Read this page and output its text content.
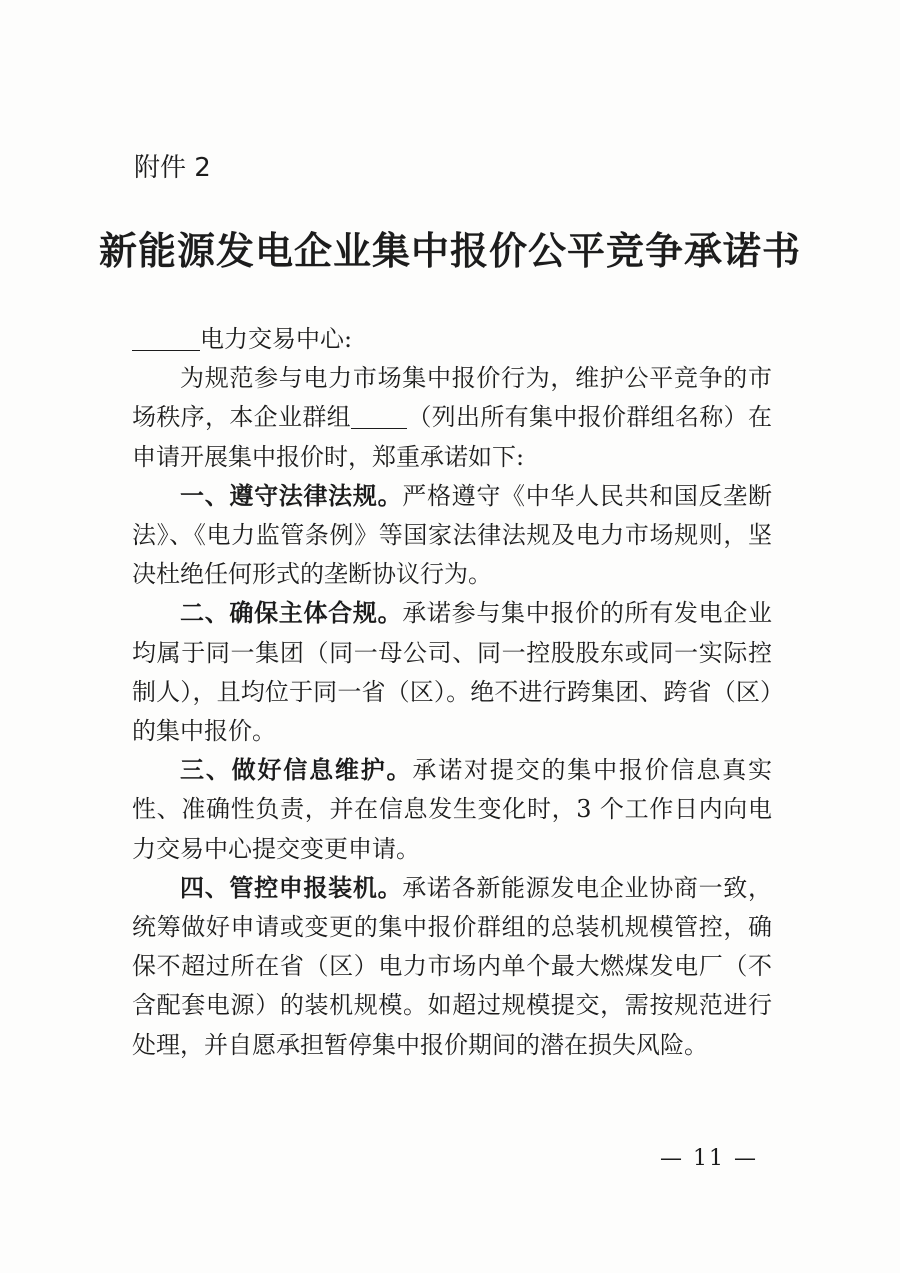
附件 2
新能源发电企业集中报价公平竞争承诺书

电力交易中心:

为规范参与电力市场集中报价行为，维护公平竞争的市场秩序，本企业群组 （列出所有集中报价群组名称）在申请开展集中报价时，郑重承诺如下:

一、遵守法律法规。严格遵守《中华人民共和国反垄断法》、《电力监管条例》等国家法律法规及电力市场规则，坚决杜绝任何形式的垄断协议行为。

二、确保主体合规。承诺参与集中报价的所有发电企业均属于同一集团（同一母公司、同一控股股东或同一实际控制人），且均位于同一省（区）。绝不进行跨集团、跨省（区）的集中报价。

三、做好信息维护。承诺对提交的集中报价信息真实性、准确性负责，并在信息发生变化时，3 个工作日内向电力交易中心提交变更申请。

四、管控申报装机。承诺各新能源发电企业协商一致，统筹做好申请或变更的集中报价群组的总装机规模管控，确保不超过所在省（区）电力市场内单个最大燃煤发电厂（不含配套电源）的装机规模。如超过规模提交，需按规范进行处理，并自愿承担暂停集中报价期间的潜在损失风险。

— 11 —
